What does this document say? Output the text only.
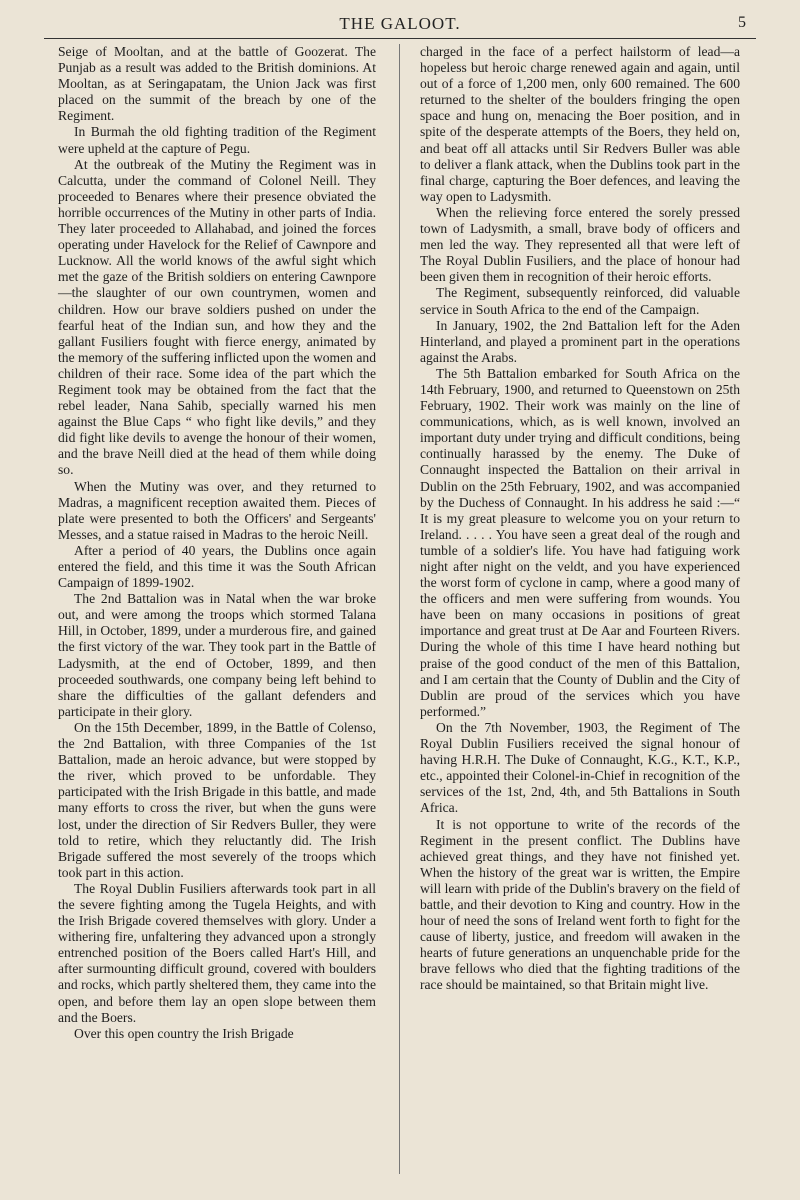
THE GALOOT.	5

Seige of Mooltan, and at the battle of Goozerat. The Punjab as a result was added to the British dominions. At Mooltan, as at Seringapatam, the Union Jack was first placed on the summit of the breach by one of the Regiment.

In Burmah the old fighting tradition of the Regiment were upheld at the capture of Pegu.

At the outbreak of the Mutiny the Regiment was in Calcutta, under the command of Colonel Neill. They proceeded to Benares where their presence obviated the horrible occurrences of the Mutiny in other parts of India. They later proceeded to Allahabad, and joined the forces operating under Havelock for the Relief of Cawnpore and Lucknow. All the world knows of the awful sight which met the gaze of the British soldiers on entering Cawnpore—the slaughter of our own countrymen, women and children. How our brave soldiers pushed on under the fearful heat of the Indian sun, and how they and the gallant Fusiliers fought with fierce energy, animated by the memory of the suffering inflicted upon the women and children of their race. Some idea of the part which the Regiment took may be obtained from the fact that the rebel leader, Nana Sahib, specially warned his men against the Blue Caps “ who fight like devils,” and they did fight like devils to avenge the honour of their women, and the brave Neill died at the head of them while doing so.

When the Mutiny was over, and they returned to Madras, a magnificent reception awaited them. Pieces of plate were presented to both the Officers' and Sergeants' Messes, and a statue raised in Madras to the heroic Neill.

After a period of 40 years, the Dublins once again entered the field, and this time it was the South African Campaign of 1899-1902.

The 2nd Battalion was in Natal when the war broke out, and were among the troops which stormed Talana Hill, in October, 1899, under a murderous fire, and gained the first victory of the war. They took part in the Battle of Ladysmith, at the end of October, 1899, and then proceeded southwards, one company being left behind to share the difficulties of the gallant defenders and participate in their glory.

On the 15th December, 1899, in the Battle of Colenso, the 2nd Battalion, with three Companies of the 1st Battalion, made an heroic advance, but were stopped by the river, which proved to be unfordable. They participated with the Irish Brigade in this battle, and made many efforts to cross the river, but when the guns were lost, under the direction of Sir Redvers Buller, they were told to retire, which they reluctantly did. The Irish Brigade suffered the most severely of the troops which took part in this action.

The Royal Dublin Fusiliers afterwards took part in all the severe fighting among the Tugela Heights, and with the Irish Brigade covered themselves with glory. Under a withering fire, unfaltering they advanced upon a strongly entrenched position of the Boers called Hart's Hill, and after surmounting difficult ground, covered with boulders and rocks, which partly sheltered them, they came into the open, and before them lay an open slope between them and the Boers.

Over this open country the Irish Brigade

charged in the face of a perfect hailstorm of lead—a hopeless but heroic charge renewed again and again, until out of a force of 1,200 men, only 600 remained. The 600 returned to the shelter of the boulders fringing the open space and hung on, menacing the Boer position, and in spite of the desperate attempts of the Boers, they held on, and beat off all attacks until Sir Redvers Buller was able to deliver a flank attack, when the Dublins took part in the final charge, capturing the Boer defences, and leaving the way open to Ladysmith.

When the relieving force entered the sorely pressed town of Ladysmith, a small, brave body of officers and men led the way. They represented all that were left of The Royal Dublin Fusiliers, and the place of honour had been given them in recognition of their heroic efforts.

The Regiment, subsequently reinforced, did valuable service in South Africa to the end of the Campaign.

In January, 1902, the 2nd Battalion left for the Aden Hinterland, and played a prominent part in the operations against the Arabs.

The 5th Battalion embarked for South Africa on the 14th February, 1900, and returned to Queenstown on 25th February, 1902. Their work was mainly on the line of communications, which, as is well known, involved an important duty under trying and difficult conditions, being continually harassed by the enemy. The Duke of Connaught inspected the Battalion on their arrival in Dublin on the 25th February, 1902, and was accompanied by the Duchess of Connaught. In his address he said :—“ It is my great pleasure to welcome you on your return to Ireland. . . . . You have seen a great deal of the rough and tumble of a soldier's life. You have had fatiguing work night after night on the veldt, and you have experienced the worst form of cyclone in camp, where a good many of the officers and men were suffering from wounds. You have been on many occasions in positions of great importance and great trust at De Aar and Fourteen Rivers. During the whole of this time I have heard nothing but praise of the good conduct of the men of this Battalion, and I am certain that the County of Dublin and the City of Dublin are proud of the services which you have performed.”

On the 7th November, 1903, the Regiment of The Royal Dublin Fusiliers received the signal honour of having H.R.H. The Duke of Connaught, K.G., K.T., K.P., etc., appointed their Colonel-in-Chief in recognition of the services of the 1st, 2nd, 4th, and 5th Battalions in South Africa.

It is not opportune to write of the records of the Regiment in the present conflict. The Dublins have achieved great things, and they have not finished yet. When the history of the great war is written, the Empire will learn with pride of the Dublin's bravery on the field of battle, and their devotion to King and country. How in the hour of need the sons of Ireland went forth to fight for the cause of liberty, justice, and freedom will awaken in the hearts of future generations an unquenchable pride for the brave fellows who died that the fighting traditions of the race should be maintained, so that Britain might live.
